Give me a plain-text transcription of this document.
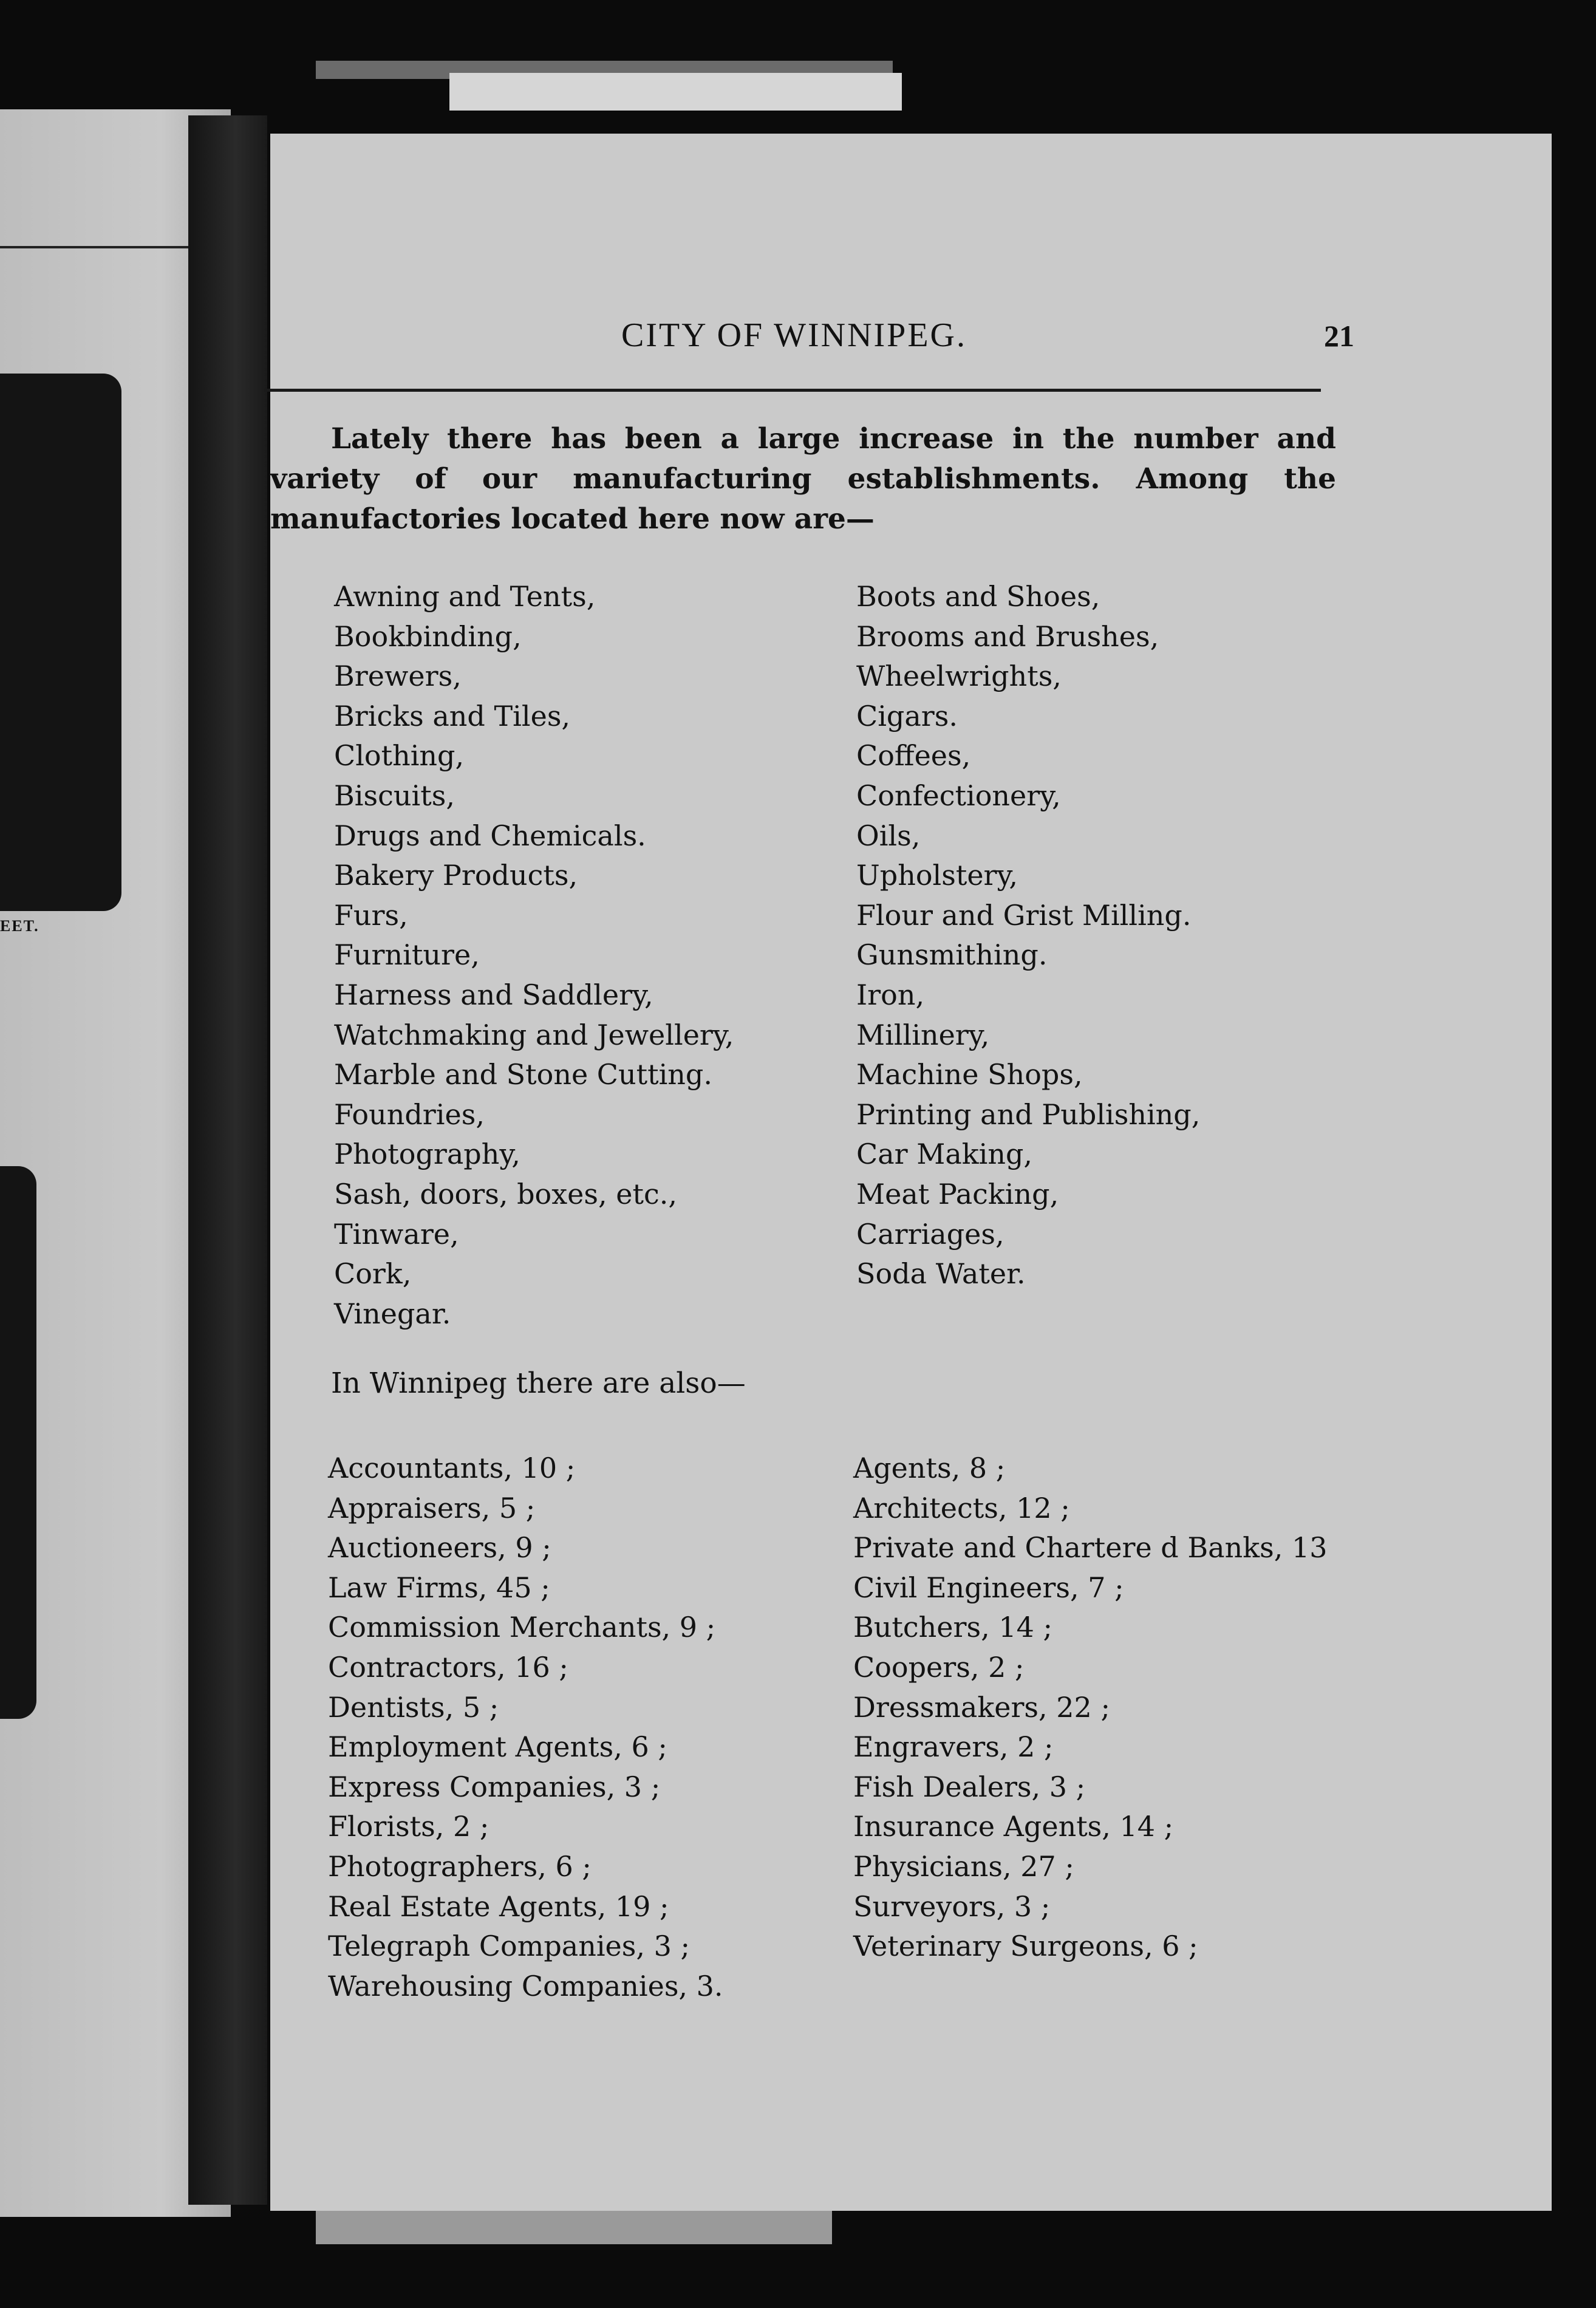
EET.
CITY OF WINNIPEG.	21
Lately there has been a large increase in the number and variety of our manufacturing establishments. Among the manufactories located here now are—
Awning and Tents,
Bookbinding,
Brewers,
Bricks and Tiles,
Clothing,
Biscuits,
Drugs and Chemicals.
Bakery Products,
Furs,
Furniture,
Harness and Saddlery,
Watchmaking and Jewellery,
Marble and Stone Cutting.
Foundries,
Photography,
Sash, doors, boxes, etc.,
Tinware,
Cork,
Vinegar.
Boots and Shoes,
Brooms and Brushes,
Wheelwrights,
Cigars.
Coffees,
Confectionery,
Oils,
Upholstery,
Flour and Grist Milling.
Gunsmithing.
Iron,
Millinery,
Machine Shops,
Printing and Publishing,
Car Making,
Meat Packing,
Carriages,
Soda Water.
In Winnipeg there are also—
Accountants, 10 ;
Appraisers, 5 ;
Auctioneers, 9 ;
Law Firms, 45 ;
Commission Merchants, 9 ;
Contractors, 16 ;
Dentists, 5 ;
Employment Agents, 6 ;
Express Companies, 3 ;
Florists, 2 ;
Photographers, 6 ;
Real Estate Agents, 19 ;
Telegraph Companies, 3 ;
Warehousing Companies, 3.
Agents, 8 ;
Architects, 12 ;
Private and Chartere d Banks, 13
Civil Engineers, 7 ;
Butchers, 14 ;
Coopers, 2 ;
Dressmakers, 22 ;
Engravers, 2 ;
Fish Dealers, 3 ;
Insurance Agents, 14 ;
Physicians, 27 ;
Surveyors, 3 ;
Veterinary Surgeons, 6 ;
